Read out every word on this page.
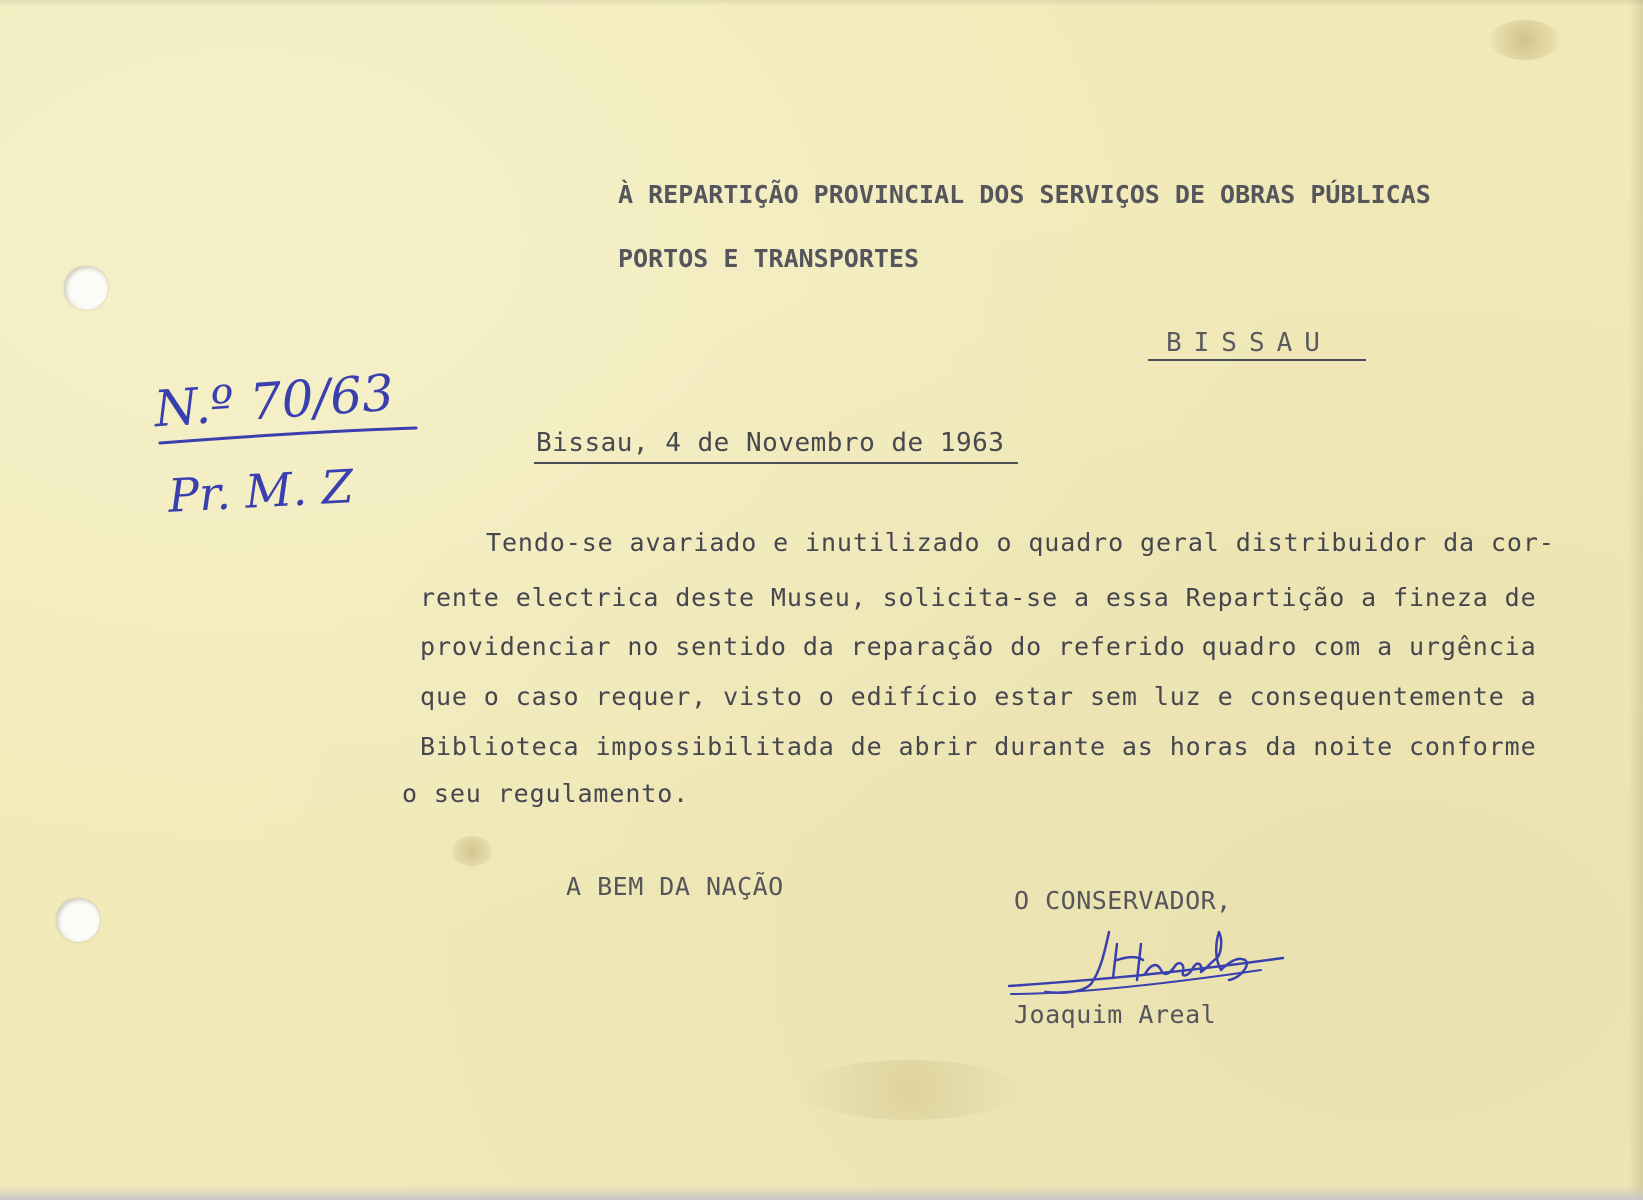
À REPARTIÇÃO PROVINCIAL DOS SERVIÇOS DE OBRAS PÚBLICAS
PORTOS E TRANSPORTES
BISSAU
N.º 70/63
Pr. M. Z
Bissau, 4 de Novembro de 1963
Tendo-se avariado e inutilizado o quadro geral distribuidor da cor-
rente electrica deste Museu, solicita-se a essa Repartição a fineza de
providenciar no sentido da reparação do referido quadro com a urgência
que o caso requer, visto o edifício estar sem luz e consequentemente a
Biblioteca impossibilitada de abrir durante as horas da noite conforme
o seu regulamento.
A BEM DA NAÇÃO	O CONSERVADOR,
Joaquim Areal
